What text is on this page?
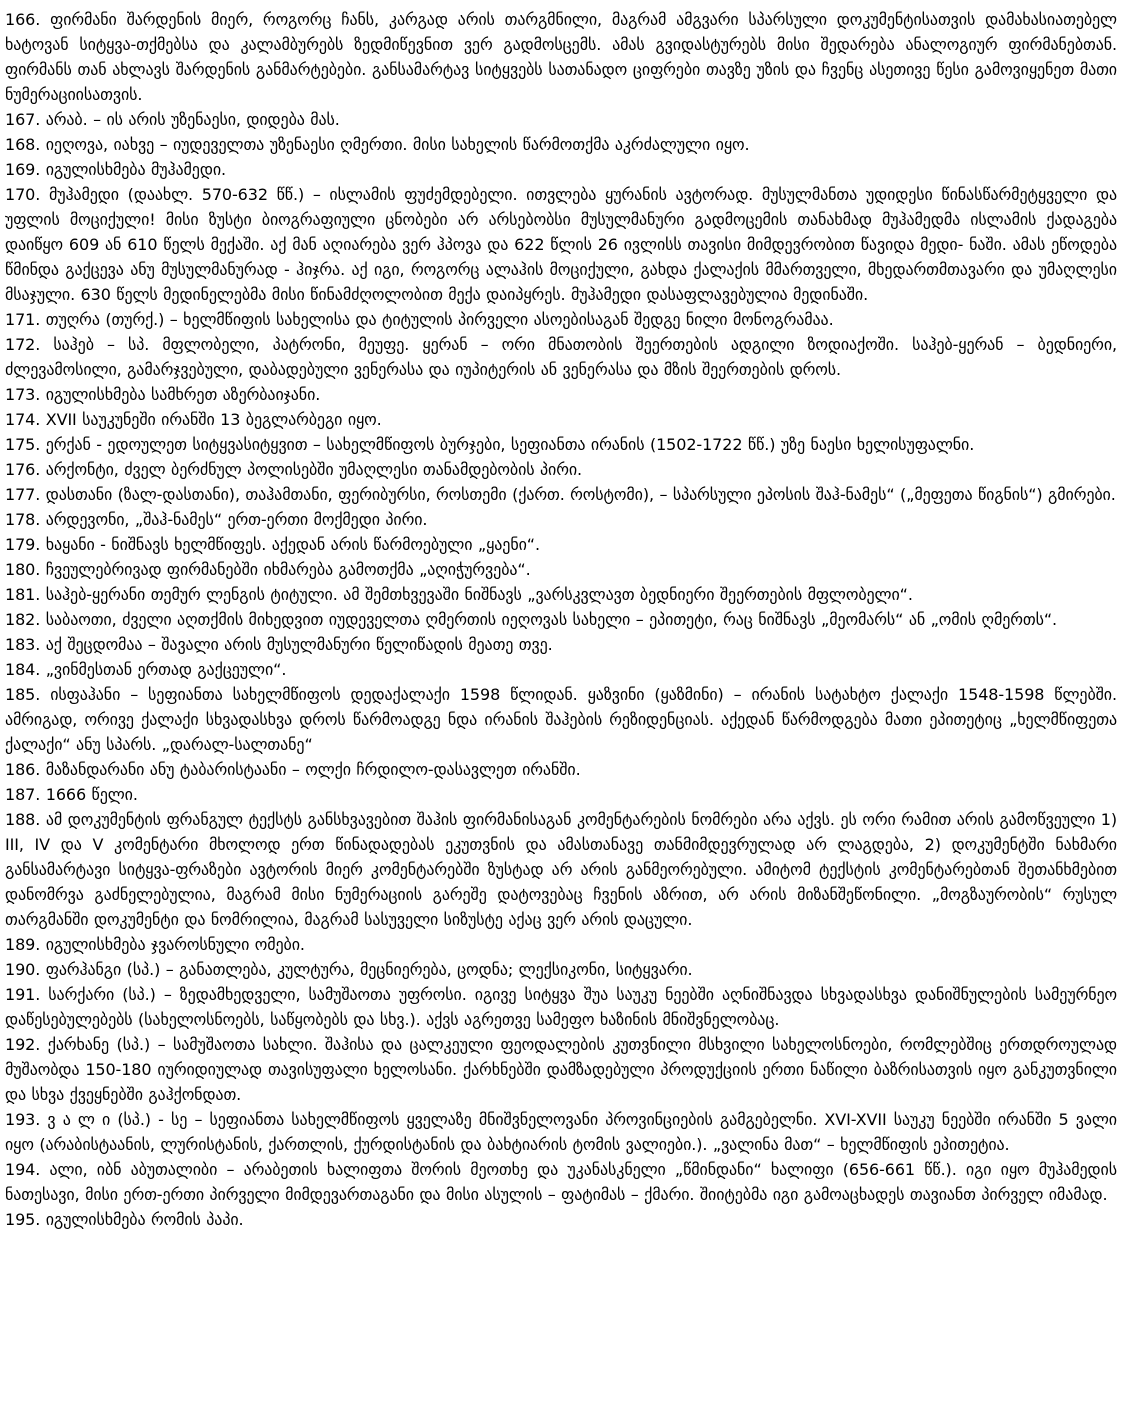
166. ფირმანი შარდენის მიერ, როგორც ჩანს, კარგად არის თარგმნილი, მაგრამ ამგვარი სპარსული დოკუმენტისათვის დამახასიათებელ ხატოვან სიტყვა-თქმებსა და კალამბურებს ზედმიწევნით ვერ გადმოსცემს. ამას გვიდასტურებს მისი შედარება ანალოგიურ ფირმანებთან. ფირმანს თან ახლავს შარდენის განმარტებები. განსამარტავ სიტყვებს სათანადო ციფრები თავზე უზის და ჩვენც ასეთივე წესი გამოვიყენეთ მათი ნუმერაციისათვის.

167. არაბ. – ის არის უზენაესი, დიდება მას.

168. იეღოვა, იახვე – იუდეველთა უზენაესი ღმერთი. მისი სახელის წარმოთქმა აკრძალული იყო.

169. იგულისხმება მუჰამედი.

170. მუჰამედი (დაახლ. 570-632 წწ.) – ისლამის ფუძემდებელი. ითვლება ყურანის ავტორად. მუსულმანთა უდიდესი წინასწარმეტყველი და უფლის მოციქული! მისი ზუსტი ბიოგრაფიული ცნობები არ არსებობსი მუსულმანური გადმოცემის თანახმად მუჰამედმა ისლამის ქადაგება დაიწყო 609 ან 610 წელს მექაში. აქ მან აღიარება ვერ ჰპოვა და 622 წლის 26 ივლისს თავისი მიმდევრობით წავიდა მედი- ნაში. ამას ეწოდება წმინდა გაქცევა ანუ მუსულმანურად - ჰიჯრა. აქ იგი, როგორც ალაჰის მოციქული, გახდა ქალაქის მმართველი, მხედართმთავარი და უმაღლესი მსაჯული. 630 წელს მედინელებმა მისი წინამძღოლობით მექა დაიპყრეს. მუჰამედი დასაფლავებულია მედინაში.

171. თუღრა (თურქ.) – ხელმწიფის სახელისა და ტიტულის პირველი ასოებისაგან შედგე ნილი მონოგრამაა.

172. საჰებ – სპ. მფლობელი, პატრონი, მეუფე. ყერან – ორი მნათობის შეერთების ადგილი ზოდიაქოში. საჰებ-ყერან – ბედნიერი, ძლევამოსილი, გამარჯვებული, დაბადებული ვენერასა და იუპიტერის ან ვენერასა და მზის შეერთების დროს.

173. იგულისხმება სამხრეთ აზერბაიჯანი.

174. XVII საუკუნეში ირანში 13 ბეგლარბეგი იყო.

175. ერქან - ედოულეთ სიტყვასიტყვით – სახელმწიფოს ბურჯები, სეფიანთა ირანის (1502-1722 წწ.) უზე ნაესი ხელისუფალნი.

176. არქონტი, ძველ ბერძნულ პოლისებში უმაღლესი თანამდებობის პირი.

177. დასთანი (ზალ-დასთანი), თაჰამთანი, ფერიბურსი, როსთემი (ქართ. როსტომი), – სპარსული ეპოსის შაჰ-ნამეს“ („მეფეთა წიგნის“) გმირები.

178. არდევონი, „შაჰ-ნამეს“ ერთ-ერთი მოქმედი პირი.

179. ხაყანი - ნიშნავს ხელმწიფეს. აქედან არის წარმოებული „ყაენი“.

180. ჩვეულებრივად ფირმანებში იხმარება გამოთქმა „აღიჭურვება“.

181. საჰებ-ყერანი თემურ ლენგის ტიტული. ამ შემთხვევაში ნიშნავს „ვარსკვლავთ ბედნიერი შეერთების მფლობელი“.

182. საბაოთი, ძველი აღთქმის მიხედვით იუდეველთა ღმერთის იეღოვას სახელი – ეპითეტი, რაც ნიშნავს „მეომარს“ ან „ომის ღმერთს“.

183. აქ შეცდომაა – შავალი არის მუსულმანური წელიწადის მეათე თვე.

184. „ვინმესთან ერთად გაქცეული“.

185. ისფაჰანი – სეფიანთა სახელმწიფოს დედაქალაქი 1598 წლიდან. ყაზვინი (ყაზმინი) – ირანის სატახტო ქალაქი 1548-1598 წლებში. ამრიგად, ორივე ქალაქი სხვადასხვა დროს წარმოადგე ნდა ირანის შაჰების რეზიდენციას. აქედან წარმოდგება მათი ეპითეტიც „ხელმწიფეთა ქალაქი“ ანუ სპარს. „დარალ-სალთანე“

186. მაზანდარანი ანუ ტაბარისტაანი – ოლქი ჩრდილო-დასავლეთ ირანში.

187. 1666 წელი.

188. ამ დოკუმენტის ფრანგულ ტექსტს განსხვავებით შაჰის ფირმანისაგან კომენტარების ნომრები არა აქვს. ეს ორი რამით არის გამოწვეული 1) III, IV და V კომენტარი მხოლოდ ერთ წინადადებას ეკუთვნის და ამასთანავე თანმიმდევრულად არ ლაგდება, 2) დოკუმენტში ნახმარი განსამარტავი სიტყვა-ფრაზები ავტორის მიერ კომენტარებში ზუსტად არ არის განმეორებული. ამიტომ ტექსტის კომენტარებთან შეთანხმებით დანომრვა გაძნელებულია, მაგრამ მისი ნუმერაციის გარეშე დატოვებაც ჩვენის აზრით, არ არის მიზანშეწონილი. „მოგზაურობის“ რუსულ თარგმანში დოკუმენტი და ნომრილია, მაგრამ სასუველი სიზუსტე აქაც ვერ არის დაცული.

189. იგულისხმება ჯვაროსნული ომები.

190. ფარჰანგი (სპ.) – განათლება, კულტურა, მეცნიერება, ცოდნა; ლექსიკონი, სიტყვარი.

191. სარქარი (სპ.) – ზედამხედველი, სამუშაოთა უფროსი. იგივე სიტყვა შუა საუკუ ნეებში აღნიშნავდა სხვადასხვა დანიშნულების სამეურნეო დაწესებულებებს (სახელოსნოებს, საწყობებს და სხვ.). აქვს აგრეთვე სამეფო ხაზინის მნიშვნელობაც.

192. ქარხანე (სპ.) – სამუშაოთა სახლი. შაჰისა და ცალკეული ფეოდალების კუთვნილი მსხვილი სახელოსნოები, რომლებშიც ერთდროულად მუშაობდა 150-180 იურიდიულად თავისუფალი ხელოსანი. ქარხნებში დამზადებული პროდუქციის ერთი ნაწილი ბაზრისათვის იყო განკუთვნილი და სხვა ქვეყნებში გაჰქონდათ.

193. ვ ა ლ ი (სპ.) - სე – სეფიანთა სახელმწიფოს ყველაზე მნიშვნელოვანი პროვინციების გამგებელნი. XVI-XVII საუკუ ნეებში ირანში 5 ვალი იყო (არაბისტაანის, ლურისტანის, ქართლის, ქურდისტანის და ბახტიარის ტომის ვალიები.). „ვალინა მათ“ – ხელმწიფის ეპითეტია.

194. ალი, იბნ აბუთალიბი – არაბეთის ხალიფთა შორის მეოთხე და უკანასკნელი „წმინდანი“ ხალიფი (656-661 წწ.). იგი იყო მუჰამედის ნათესავი, მისი ერთ-ერთი პირველი მიმდევართაგანი და მისი ასულის – ფატიმას – ქმარი. შიიტებმა იგი გამოაცხადეს თავიანთ პირველ იმამად.

195. იგულისხმება რომის პაპი.
